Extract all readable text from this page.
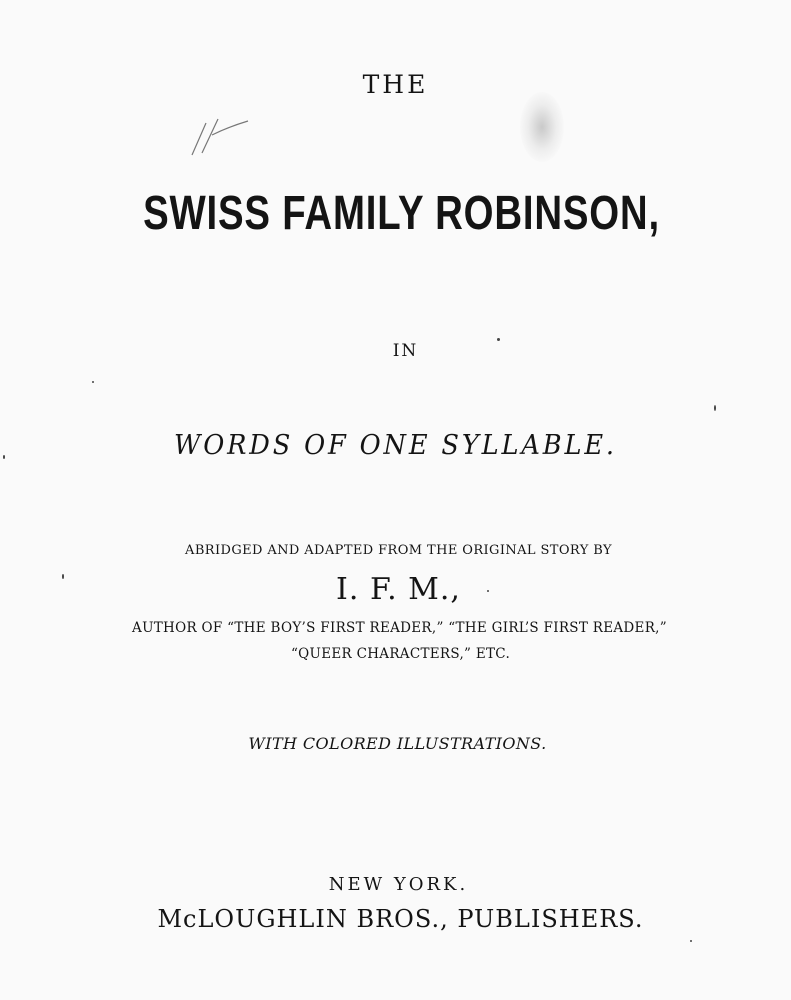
THE
SWISS FAMILY ROBINSON,
IN
WORDS OF ONE SYLLABLE.
ABRIDGED AND ADAPTED FROM THE ORIGINAL STORY BY
I. F. M.,
AUTHOR OF “THE BOY’S FIRST READER,” “THE GIRL’S FIRST READER,”
“QUEER CHARACTERS,” ETC.
WITH COLORED ILLUSTRATIONS.
NEW YORK.
McLOUGHLIN BROS., PUBLISHERS.
